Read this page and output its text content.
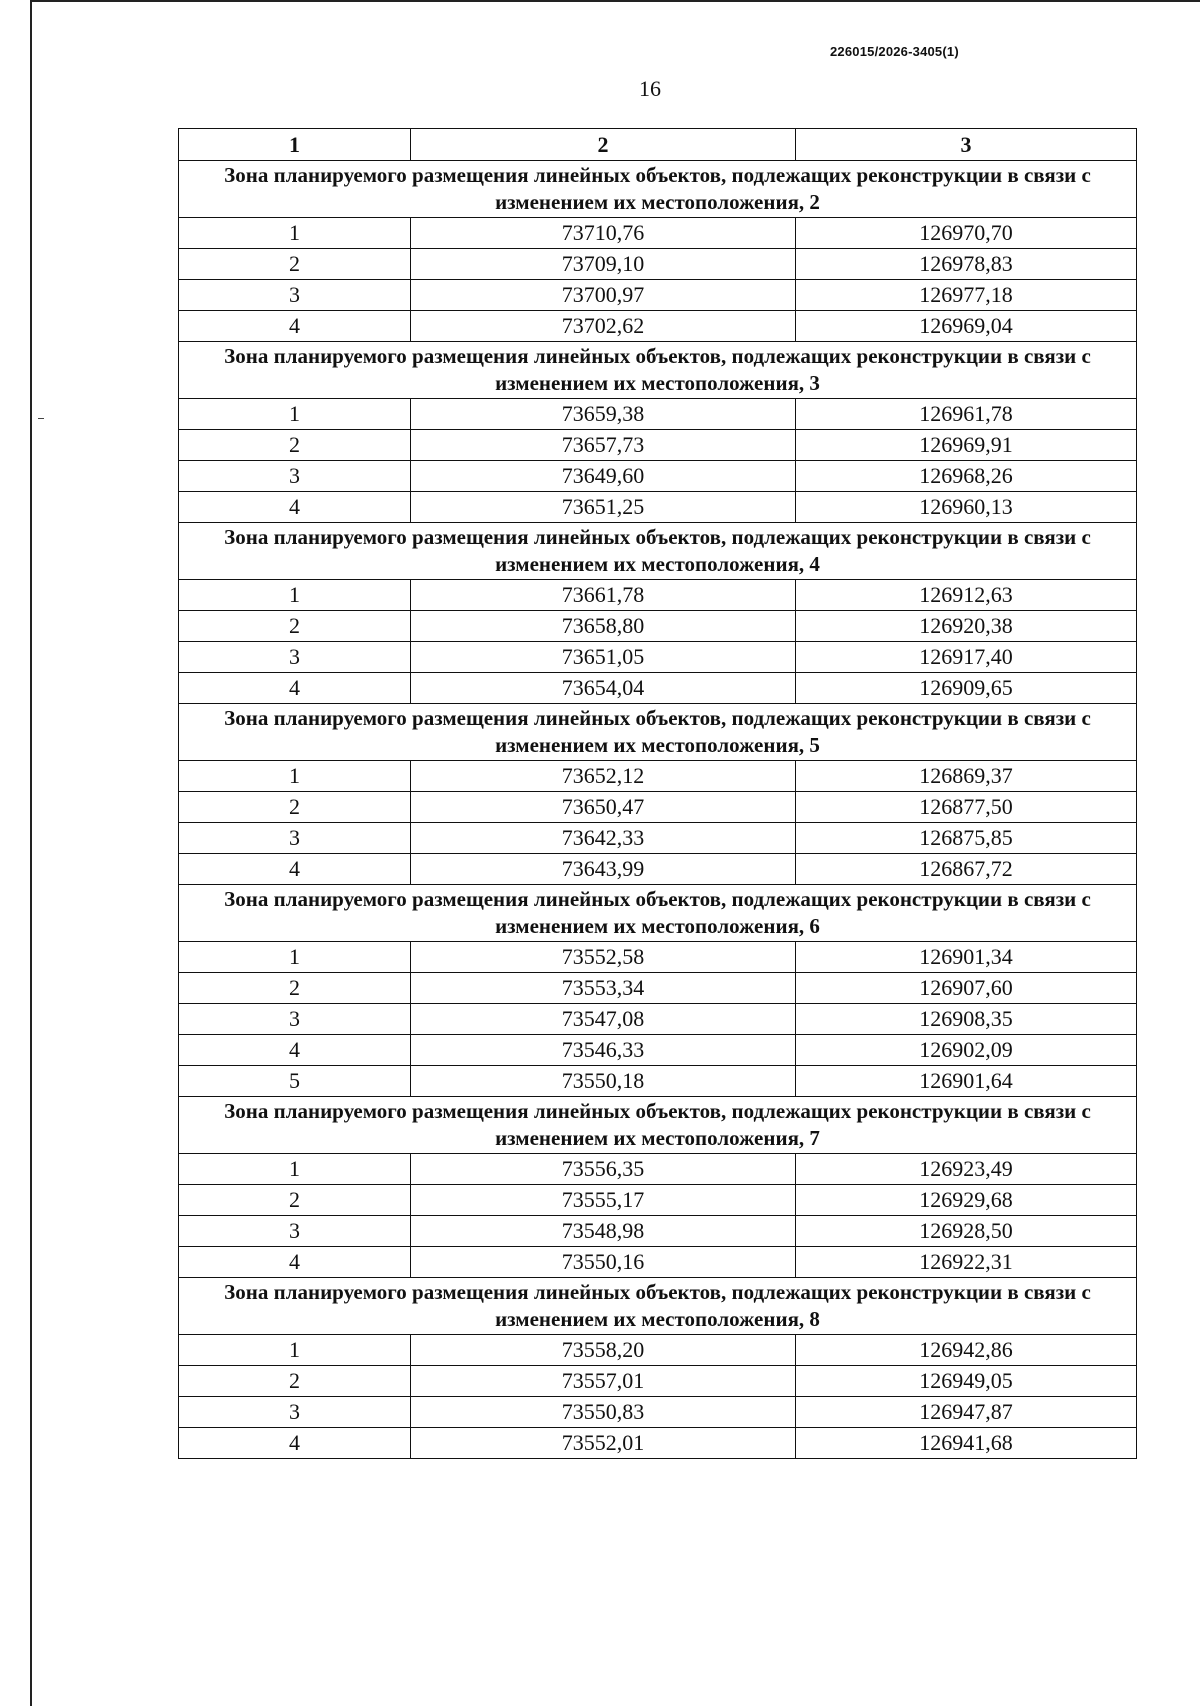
226015/2026-3405(1)
16
1	2	3
Зона планируемого размещения линейных объектов, подлежащих реконструкции в связи с изменением их местоположения, 2		
1	73710,76	126970,70
2	73709,10	126978,83
3	73700,97	126977,18
4	73702,62	126969,04
Зона планируемого размещения линейных объектов, подлежащих реконструкции в связи с изменением их местоположения, 3		
1	73659,38	126961,78
2	73657,73	126969,91
3	73649,60	126968,26
4	73651,25	126960,13
Зона планируемого размещения линейных объектов, подлежащих реконструкции в связи с изменением их местоположения, 4		
1	73661,78	126912,63
2	73658,80	126920,38
3	73651,05	126917,40
4	73654,04	126909,65
Зона планируемого размещения линейных объектов, подлежащих реконструкции в связи с изменением их местоположения, 5		
1	73652,12	126869,37
2	73650,47	126877,50
3	73642,33	126875,85
4	73643,99	126867,72
Зона планируемого размещения линейных объектов, подлежащих реконструкции в связи с изменением их местоположения, 6		
1	73552,58	126901,34
2	73553,34	126907,60
3	73547,08	126908,35
4	73546,33	126902,09
5	73550,18	126901,64
Зона планируемого размещения линейных объектов, подлежащих реконструкции в связи с изменением их местоположения, 7		
1	73556,35	126923,49
2	73555,17	126929,68
3	73548,98	126928,50
4	73550,16	126922,31
Зона планируемого размещения линейных объектов, подлежащих реконструкции в связи с изменением их местоположения, 8		
1	73558,20	126942,86
2	73557,01	126949,05
3	73550,83	126947,87
4	73552,01	126941,68
